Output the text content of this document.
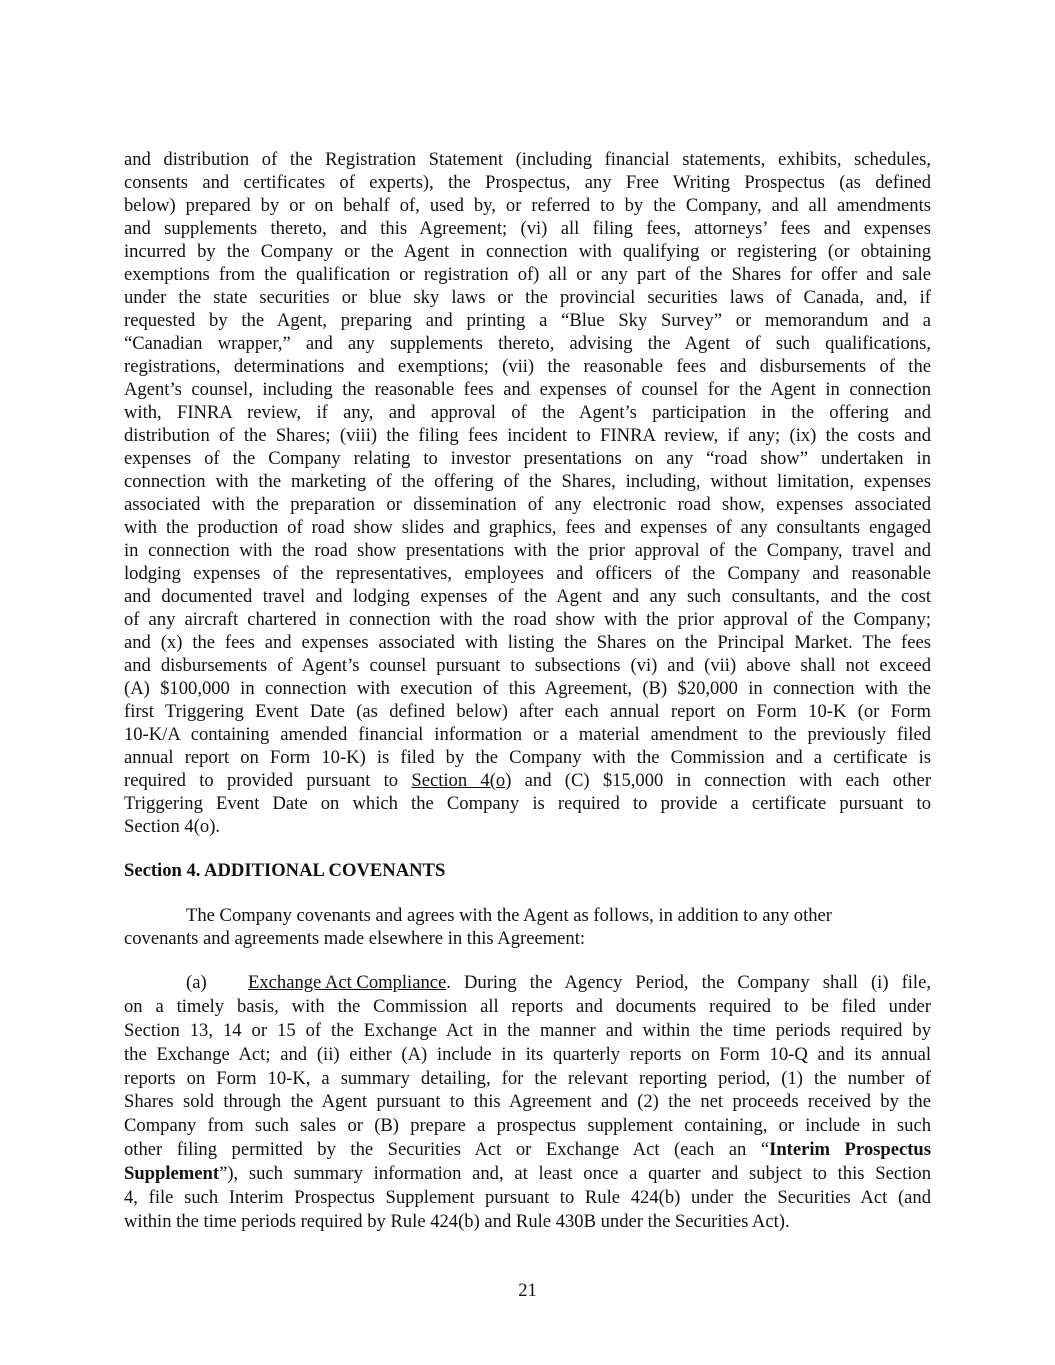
and distribution of the Registration Statement (including financial statements, exhibits, schedules,
consents and certificates of experts), the Prospectus, any Free Writing Prospectus (as defined
below) prepared by or on behalf of, used by, or referred to by the Company, and all amendments
and supplements thereto, and this Agreement; (vi) all filing fees, attorneys’ fees and expenses
incurred by the Company or the Agent in connection with qualifying or registering (or obtaining
exemptions from the qualification or registration of) all or any part of the Shares for offer and sale
under the state securities or blue sky laws or the provincial securities laws of Canada, and, if
requested by the Agent, preparing and printing a “Blue Sky Survey” or memorandum and a
“Canadian wrapper,” and any supplements thereto, advising the Agent of such qualifications,
registrations, determinations and exemptions; (vii) the reasonable fees and disbursements of the
Agent’s counsel, including the reasonable fees and expenses of counsel for the Agent in connection
with, FINRA review, if any, and approval of the Agent’s participation in the offering and
distribution of the Shares; (viii) the filing fees incident to FINRA review, if any; (ix) the costs and
expenses of the Company relating to investor presentations on any “road show” undertaken in
connection with the marketing of the offering of the Shares, including, without limitation, expenses
associated with the preparation or dissemination of any electronic road show, expenses associated
with the production of road show slides and graphics, fees and expenses of any consultants engaged
in connection with the road show presentations with the prior approval of the Company, travel and
lodging expenses of the representatives, employees and officers of the Company and reasonable
and documented travel and lodging expenses of the Agent and any such consultants, and the cost
of any aircraft chartered in connection with the road show with the prior approval of the Company;
and (x) the fees and expenses associated with listing the Shares on the Principal Market. The fees
and disbursements of Agent’s counsel pursuant to subsections (vi) and (vii) above shall not exceed
(A) $100,000 in connection with execution of this Agreement, (B) $20,000 in connection with the
first Triggering Event Date (as defined below) after each annual report on Form 10-K (or Form
10-K/A containing amended financial information or a material amendment to the previously filed
annual report on Form 10-K) is filed by the Company with the Commission and a certificate is
required to provided pursuant to Section 4(o) and (C) $15,000 in connection with each other
Triggering Event Date on which the Company is required to provide a certificate pursuant to
Section 4(o).
Section 4. ADDITIONAL COVENANTS
The Company covenants and agrees with the Agent as follows, in addition to any other
covenants and agreements made elsewhere in this Agreement:
(a) Exchange Act Compliance. During the Agency Period, the Company shall (i) file,
on a timely basis, with the Commission all reports and documents required to be filed under
Section 13, 14 or 15 of the Exchange Act in the manner and within the time periods required by
the Exchange Act; and (ii) either (A) include in its quarterly reports on Form 10-Q and its annual
reports on Form 10-K, a summary detailing, for the relevant reporting period, (1) the number of
Shares sold through the Agent pursuant to this Agreement and (2) the net proceeds received by the
Company from such sales or (B) prepare a prospectus supplement containing, or include in such
other filing permitted by the Securities Act or Exchange Act (each an “Interim Prospectus
Supplement”), such summary information and, at least once a quarter and subject to this Section
4, file such Interim Prospectus Supplement pursuant to Rule 424(b) under the Securities Act (and
within the time periods required by Rule 424(b) and Rule 430B under the Securities Act).
21
